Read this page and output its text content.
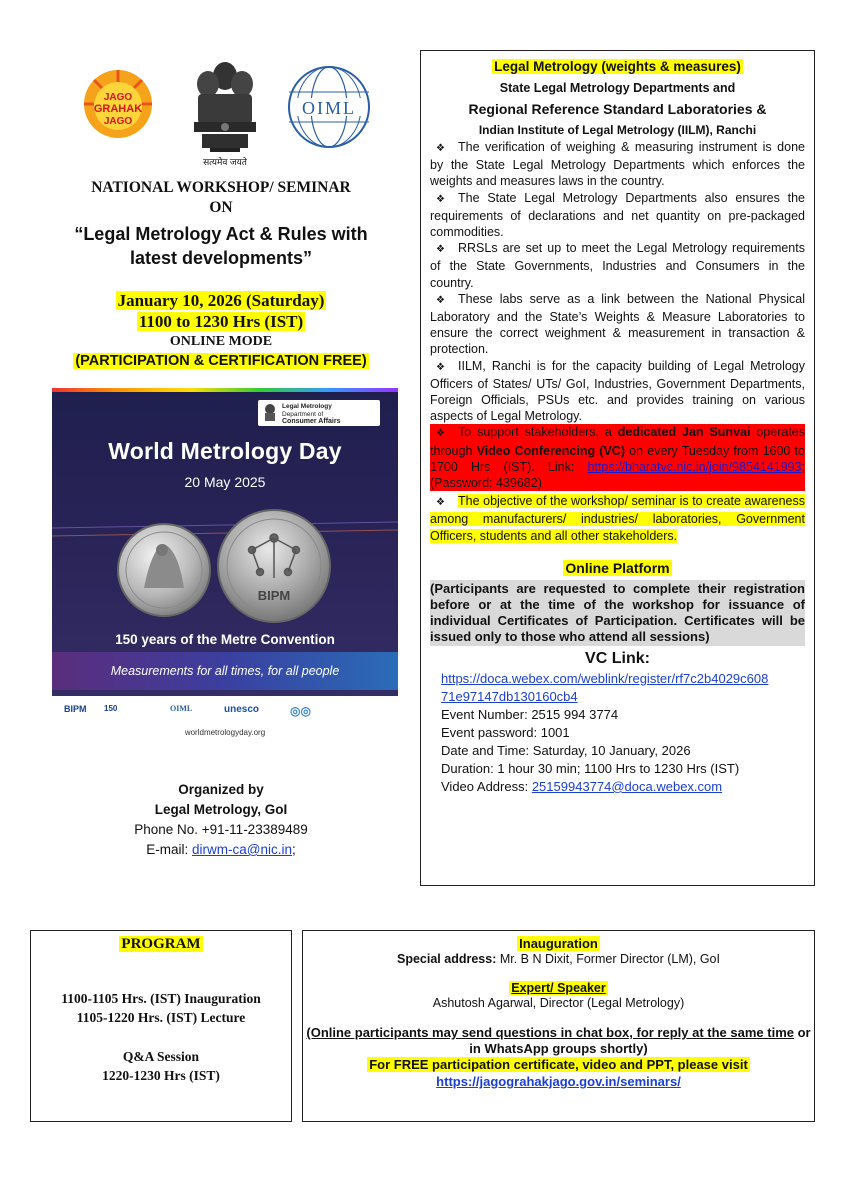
JAGO
GRAHAK
JAGO
सत्यमेव जयते
OIML
NATIONAL WORKSHOP/ SEMINAR
ON
“Legal Metrology Act & Rules with
latest developments”
January 10, 2026 (Saturday)
1100 to 1230 Hrs (IST)
ONLINE MODE
(PARTICIPATION & CERTIFICATION FREE)
Legal Metrology
Department of
Consumer Affairs
World Metrology Day
20 May 2025
BIPM
150 years of the Metre Convention
Measurements for all times, for all people
BIPM 150	OIML	unesco	◎◎
worldmetrologyday.org
Organized by
Legal Metrology, GoI
Phone No. +91-11-23389489
E-mail: dirwm-ca@nic.in;
Legal Metrology (weights & measures)
State Legal Metrology Departments and
Regional Reference Standard Laboratories &
Indian Institute of Legal Metrology (IILM), Ranchi

❖ The verification of weighing & measuring instrument is done by the State Legal Metrology Departments which enforces the weights and measures laws in the country.

❖ The State Legal Metrology Departments also ensures the requirements of declarations and net quantity on pre-packaged commodities.

❖ RRSLs are set up to meet the Legal Metrology requirements of the State Governments, Industries and Consumers in the country.

❖ These labs serve as a link between the National Physical Laboratory and the State’s Weights & Measure Laboratories to ensure the correct weighment & measurement in transaction & protection.

❖ IILM, Ranchi is for the capacity building of Legal Metrology Officers of States/ UTs/ GoI, Industries, Government Departments, Foreign Officials, PSUs etc. and provides training on various aspects of Legal Metrology.

❖ To support stakeholders, a dedicated Jan Sunvai operates through Video Conferencing (VC) on every Tuesday from 1600 to 1700 Hrs (IST). Link: https://bharatvc.nic.in/join/9854141993; (Password: 439682)

❖ The objective of the workshop/ seminar is to create awareness among manufacturers/ industries/ laboratories, Government Officers, students and all other stakeholders.

Online Platform
(Participants are requested to complete their registration before or at the time of the workshop for issuance of individual Certificates of Participation. Certificates will be issued only to those who attend all sessions)
VC Link:
https://doca.webex.com/weblink/register/rf7c2b4029c608
71e97147db130160cb4
Event Number: 2515 994 3774
Event password: 1001
Date and Time: Saturday, 10 January, 2026
Duration: 1 hour 30 min; 1100 Hrs to 1230 Hrs (IST)
Video Address: 25159943774@doca.webex.com
PROGRAM
1100-1105 Hrs. (IST) Inauguration
1105-1220 Hrs. (IST) Lecture
Q&A Session
1220-1230 Hrs (IST)
Inauguration
Special address: Mr. B N Dixit, Former Director (LM), GoI
Expert/ Speaker
Ashutosh Agarwal, Director (Legal Metrology)
(Online participants may send questions in chat box, for reply at the same time or in WhatsApp groups shortly)
For FREE participation certificate, video and PPT, please visit
https://jagograhakjago.gov.in/seminars/
